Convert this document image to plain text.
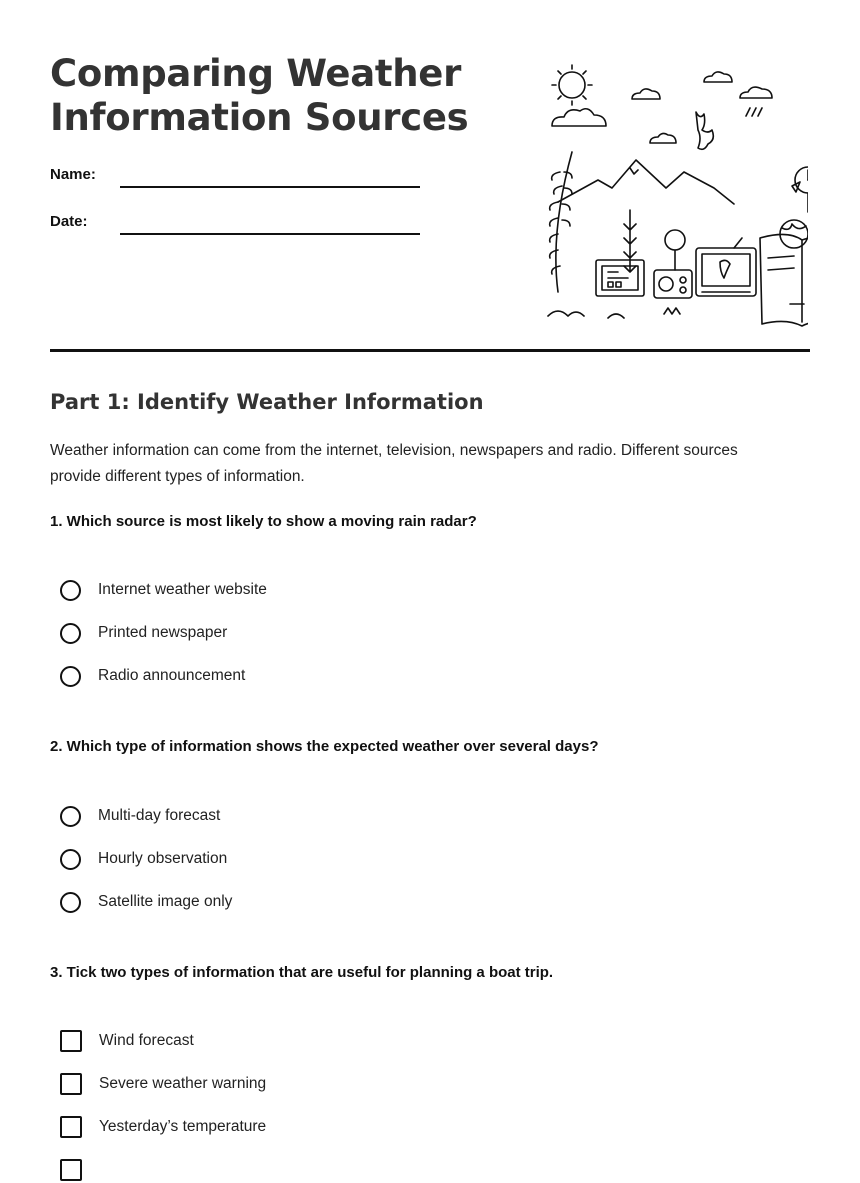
Comparing Weather
Information Sources
Name:
Date:
Part 1: Identify Weather Information

Weather information can come from the internet, television, newspapers and radio. Different sources provide different types of information.

1. Which source is most likely to show a moving rain radar?

Internet weather website
Printed newspaper
Radio announcement

2. Which type of information shows the expected weather over several days?

Multi-day forecast
Hourly observation
Satellite image only

3. Tick two types of information that are useful for planning a boat trip.

Wind forecast
Severe weather warning
Yesterday’s temperature
